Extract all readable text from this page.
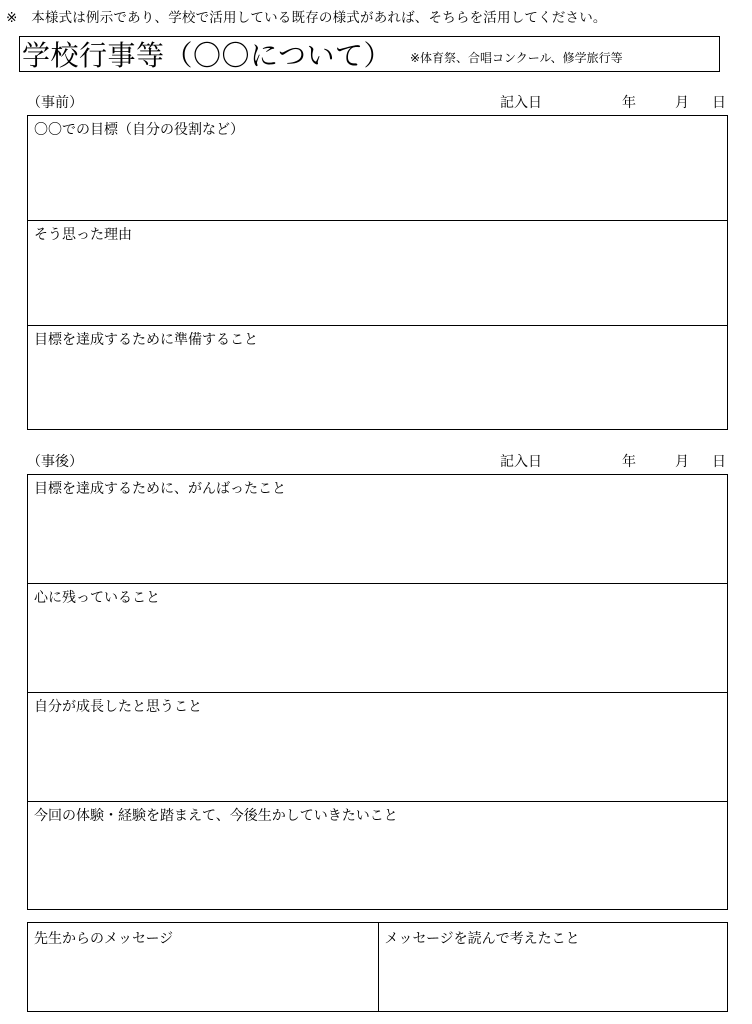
※　本様式は例示であり、学校で活用している既存の様式があれば、そちらを活用してください。
学校行事等（〇〇について） ※体育祭、合唱コンクール、修学旅行等
（事前）	記入日	年	月 日
〇〇での目標（自分の役割など）
そう思った理由
目標を達成するために準備すること
（事後）	記入日	年	月 日
目標を達成するために、がんばったこと
心に残っていること
自分が成長したと思うこと
今回の体験・経験を踏まえて、今後生かしていきたいこと
先生からのメッセージ	メッセージを読んで考えたこと
